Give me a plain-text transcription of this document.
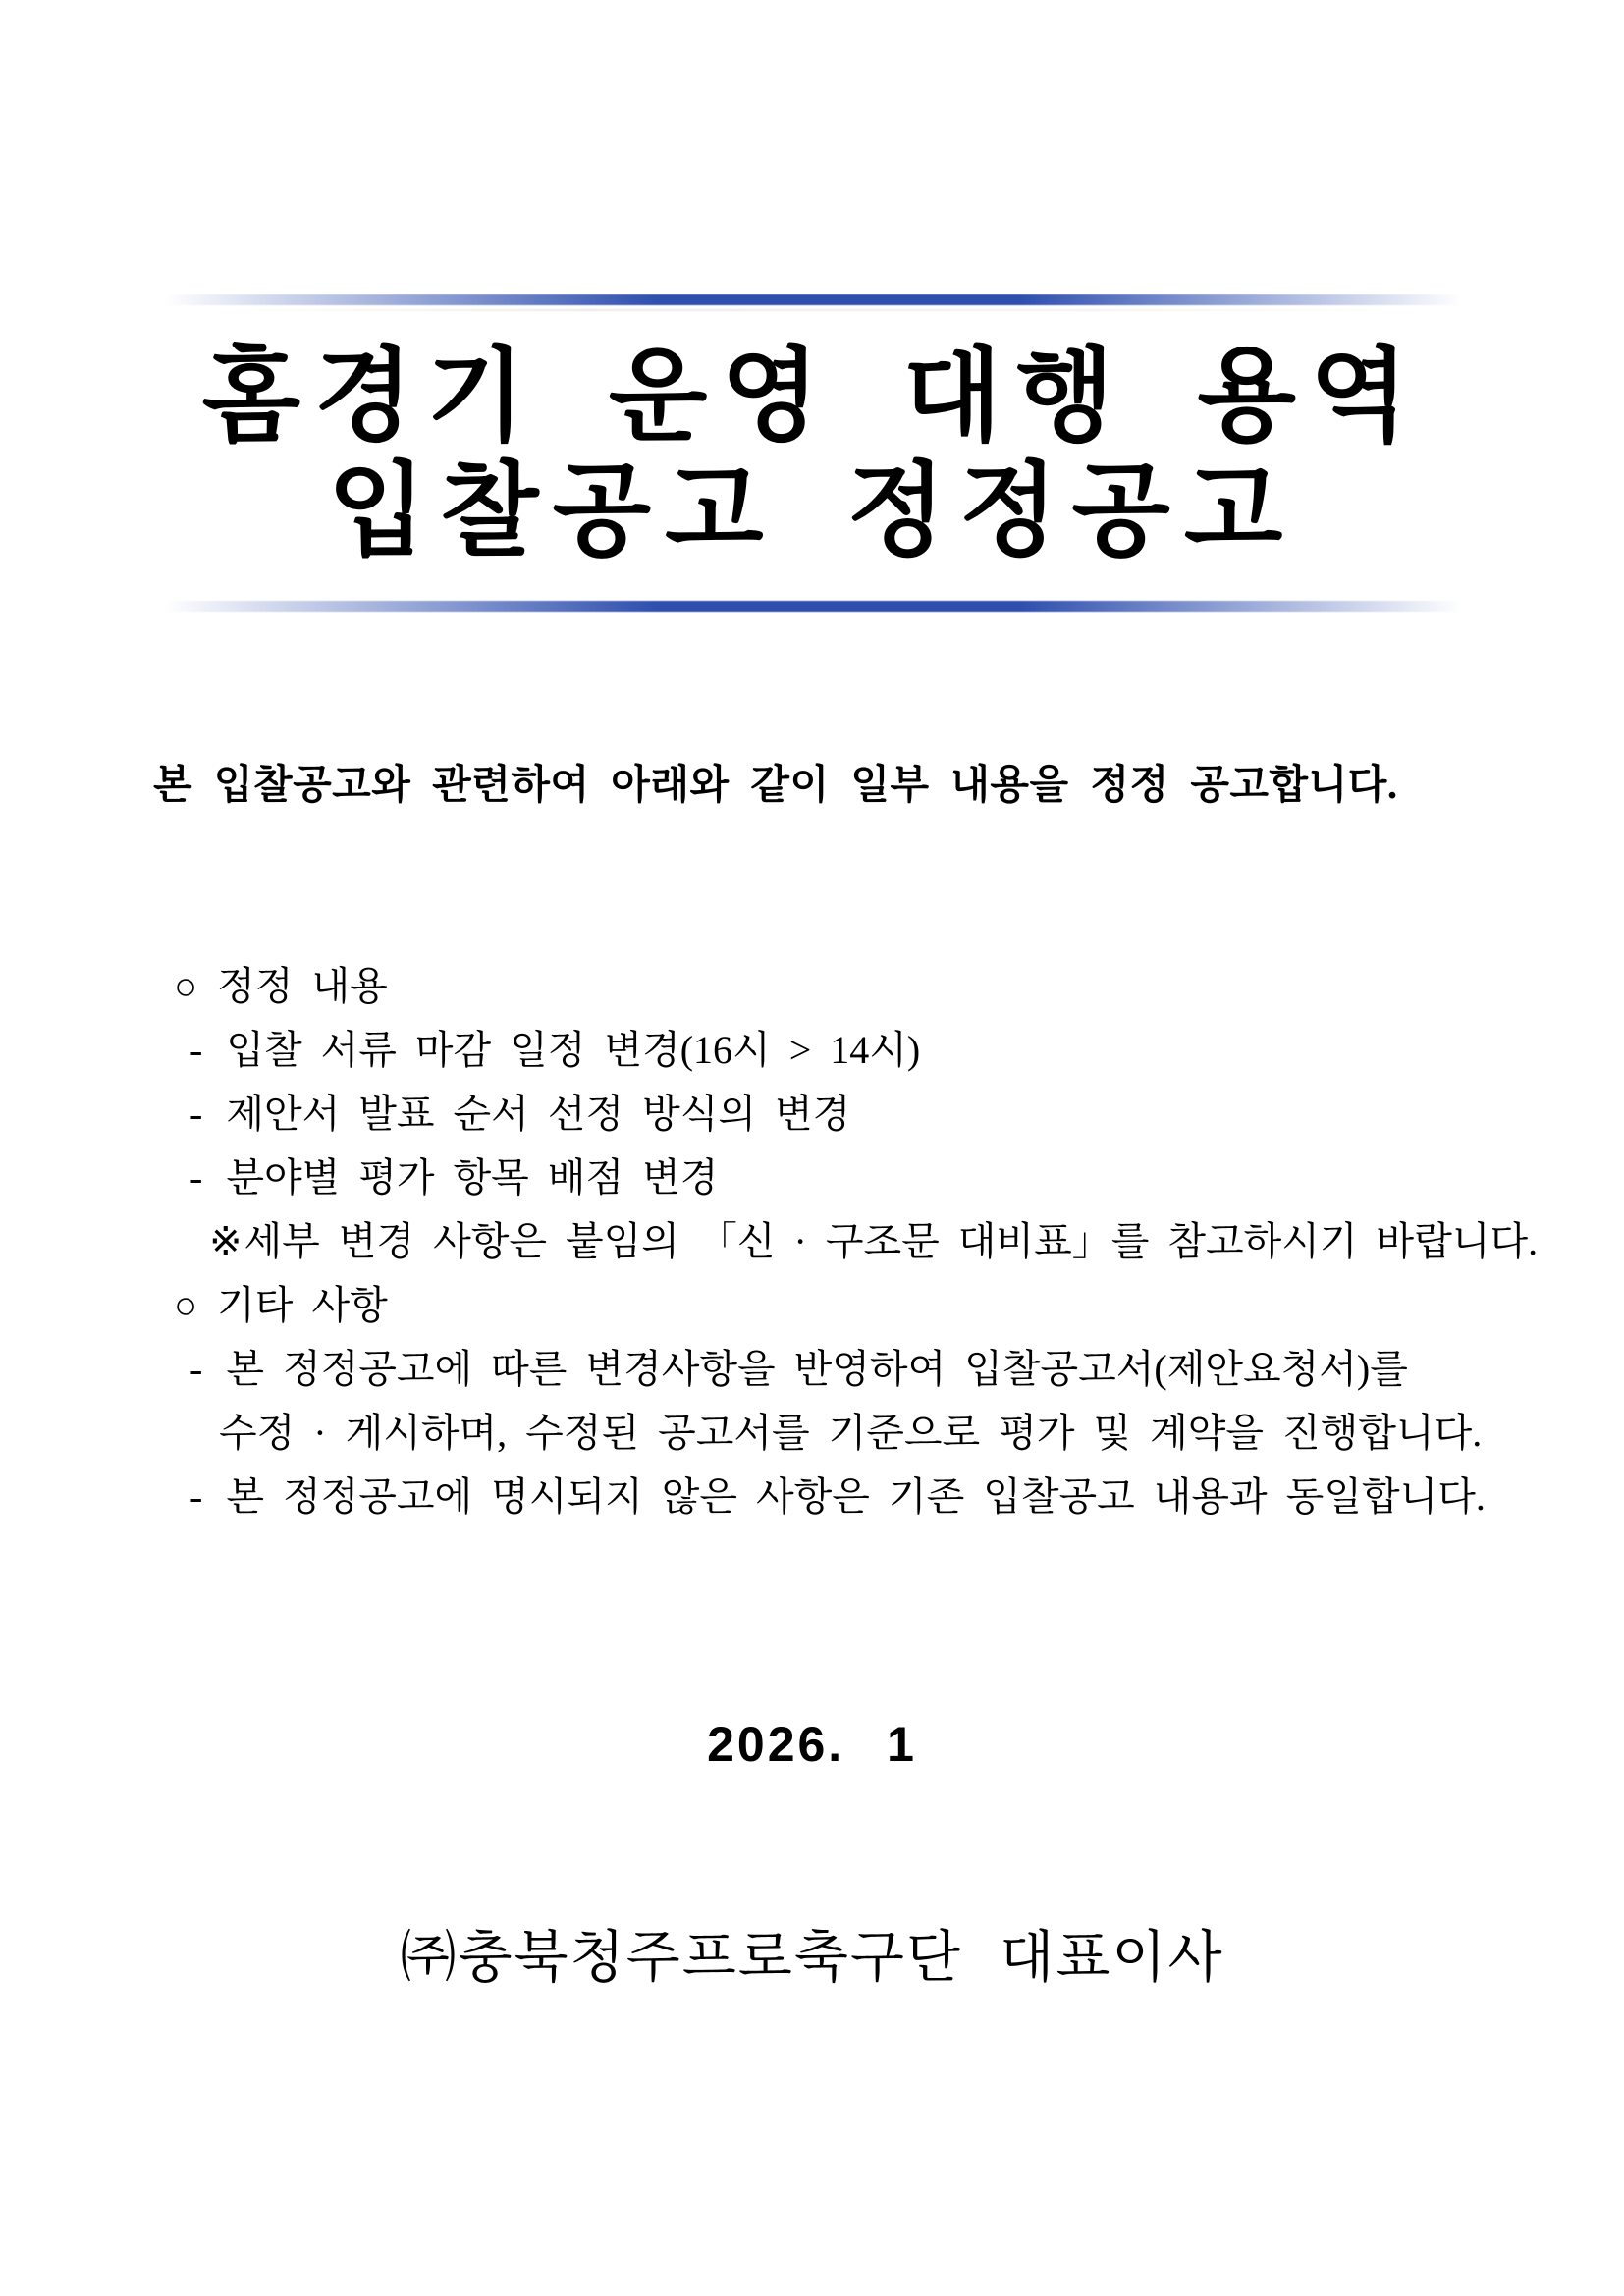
홈경기 운영 대행 용역
입찰공고 정정공고

본 입찰공고와 관련하여 아래와 같이 일부 내용을 정정 공고합니다.

○ 정정 내용
- 입찰 서류 마감 일정 변경(16시 > 14시)
- 제안서 발표 순서 선정 방식의 변경
- 분야별 평가 항목 배점 변경
※세부 변경 사항은 붙임의 「신 · 구조문 대비표」를 참고하시기 바랍니다.
○ 기타 사항
- 본 정정공고에 따른 변경사항을 반영하여 입찰공고서(제안요청서)를
수정 · 게시하며, 수정된 공고서를 기준으로 평가 및 계약을 진행합니다.
- 본 정정공고에 명시되지 않은 사항은 기존 입찰공고 내용과 동일합니다.
2026. 1
㈜충북청주프로축구단 대표이사
